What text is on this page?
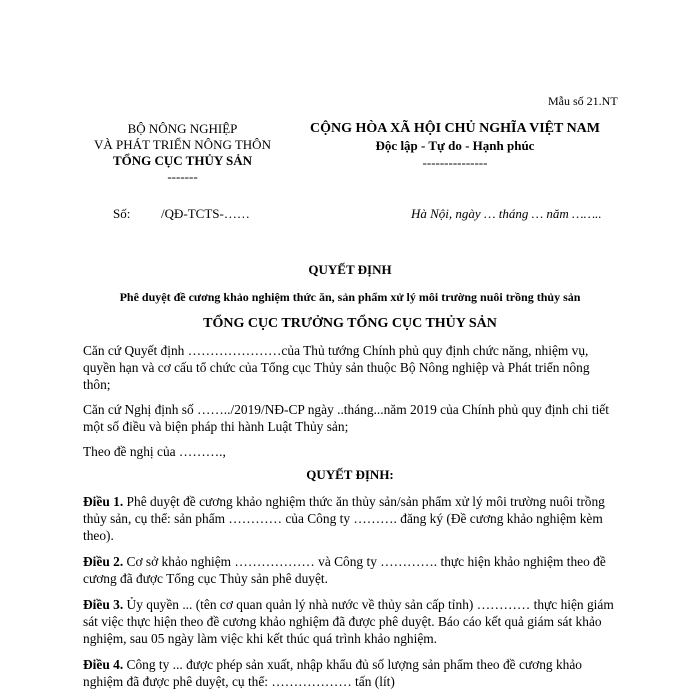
Mẫu số 21.NT
BỘ NÔNG NGHIỆP
VÀ PHÁT TRIỂN NÔNG THÔN
TỔNG CỤC THỦY SẢN
-------
CỘNG HÒA XÃ HỘI CHỦ NGHĨA VIỆT NAM
Độc lập - Tự do - Hạnh phúc
---------------
Số: /QĐ-TCTS-……	Hà Nội, ngày … tháng … năm ……..
QUYẾT ĐỊNH
Phê duyệt đề cương khảo nghiệm thức ăn, sản phẩm xử lý môi trường nuôi trồng thủy sản
TỔNG CỤC TRƯỞNG TỔNG CỤC THỦY SẢN

Căn cứ Quyết định …………………của Thủ tướng Chính phủ quy định chức năng, nhiệm vụ, quyền hạn và cơ cấu tổ chức của Tổng cục Thủy sản thuộc Bộ Nông nghiệp và Phát triển nông thôn;

Căn cứ Nghị định số ……../2019/NĐ-CP ngày ..tháng...năm 2019 của Chính phủ quy định chi tiết một số điều và biện pháp thi hành Luật Thủy sản;

Theo đề nghị của ……….,

QUYẾT ĐỊNH:

Điều 1. Phê duyệt đề cương khảo nghiệm thức ăn thủy sản/sản phẩm xử lý môi trường nuôi trồng thủy sản, cụ thể: sản phẩm ………… của Công ty ………. đăng ký (Đề cương khảo nghiệm kèm theo).

Điều 2. Cơ sở khảo nghiệm ……………… và Công ty …………. thực hiện khảo nghiệm theo đề cương đã được Tổng cục Thủy sản phê duyệt.

Điều 3. Ủy quyền ... (tên cơ quan quản lý nhà nước về thủy sản cấp tỉnh) ………… thực hiện giám sát việc thực hiện theo đề cương khảo nghiệm đã được phê duyệt. Báo cáo kết quả giám sát khảo nghiệm, sau 05 ngày làm việc khi kết thúc quá trình khảo nghiệm.

Điều 4. Công ty ... được phép sản xuất, nhập khẩu đủ số lượng sản phẩm theo đề cương khảo nghiệm đã được phê duyệt, cụ thể: ……………… tấn (lít)
